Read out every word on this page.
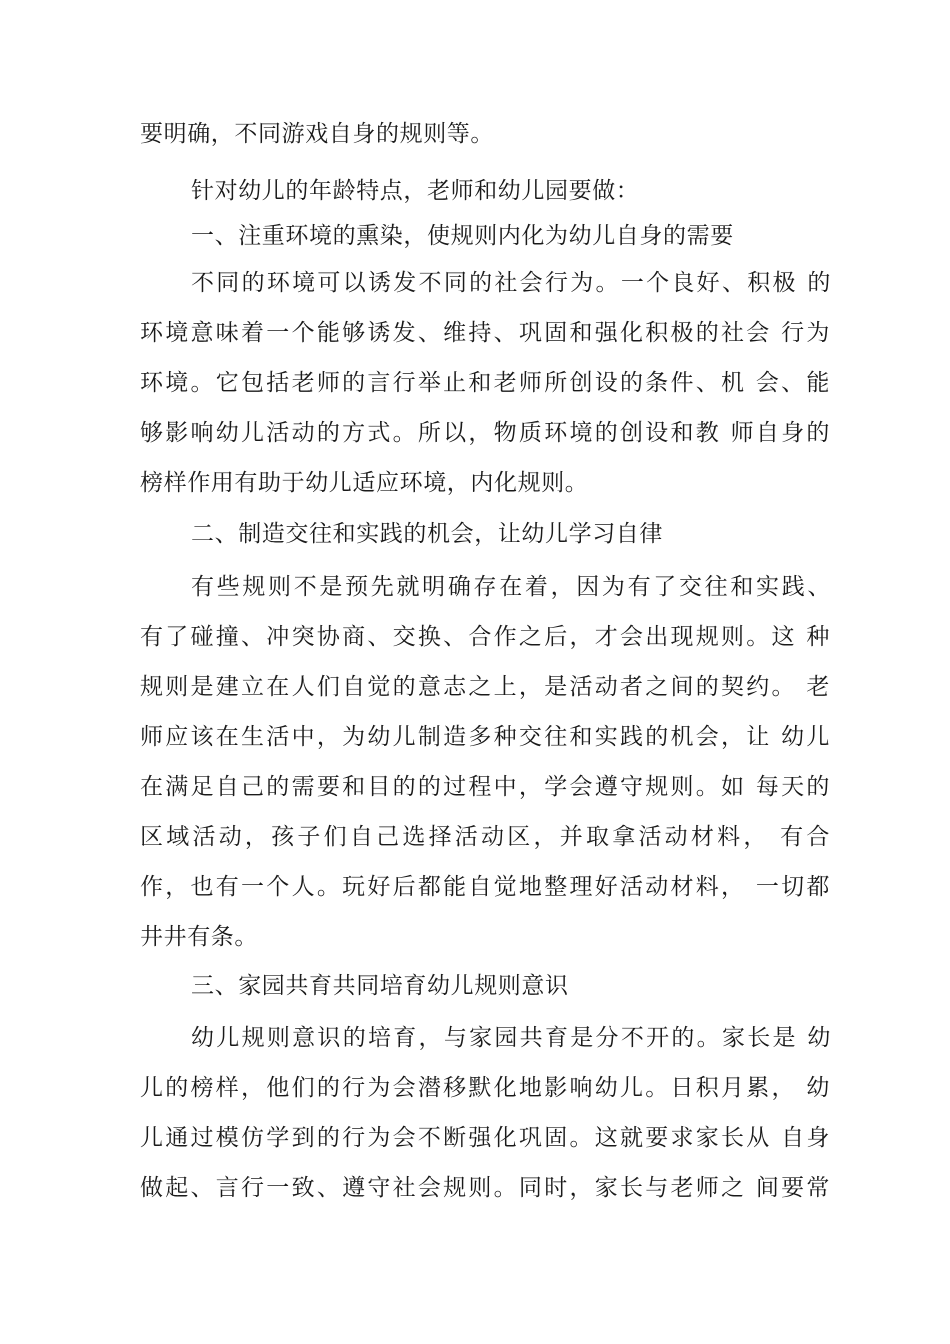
要明确，不同游戏自身的规则等。
针对幼儿的年龄特点，老师和幼儿园要做：
一、注重环境的熏染，使规则内化为幼儿自身的需要
不同的环境可以诱发不同的社会行为。一个良好、积极 的
环境意味着一个能够诱发、维持、巩固和强化积极的社会 行为
环境。它包括老师的言行举止和老师所创设的条件、机 会、能
够影响幼儿活动的方式。所以，物质环境的创设和教 师自身的
榜样作用有助于幼儿适应环境，内化规则。
二、制造交往和实践的机会，让幼儿学习自律
有些规则不是预先就明确存在着，因为有了交往和实践、
有了碰撞、冲突协商、交换、合作之后，才会出现规则。这 种
规则是建立在人们自觉的意志之上，是活动者之间的契约。 老
师应该在生活中，为幼儿制造多种交往和实践的机会，让 幼儿
在满足自己的需要和目的的过程中，学会遵守规则。如 每天的
区域活动，孩子们自己选择活动区，并取拿活动材料， 有合
作，也有一个人。玩好后都能自觉地整理好活动材料， 一切都
井井有条。
三、家园共育共同培育幼儿规则意识
幼儿规则意识的培育，与家园共育是分不开的。家长是 幼
儿的榜样，他们的行为会潜移默化地影响幼儿。日积月累， 幼
儿通过模仿学到的行为会不断强化巩固。这就要求家长从 自身
做起、言行一致、遵守社会规则。同时，家长与老师之 间要常
